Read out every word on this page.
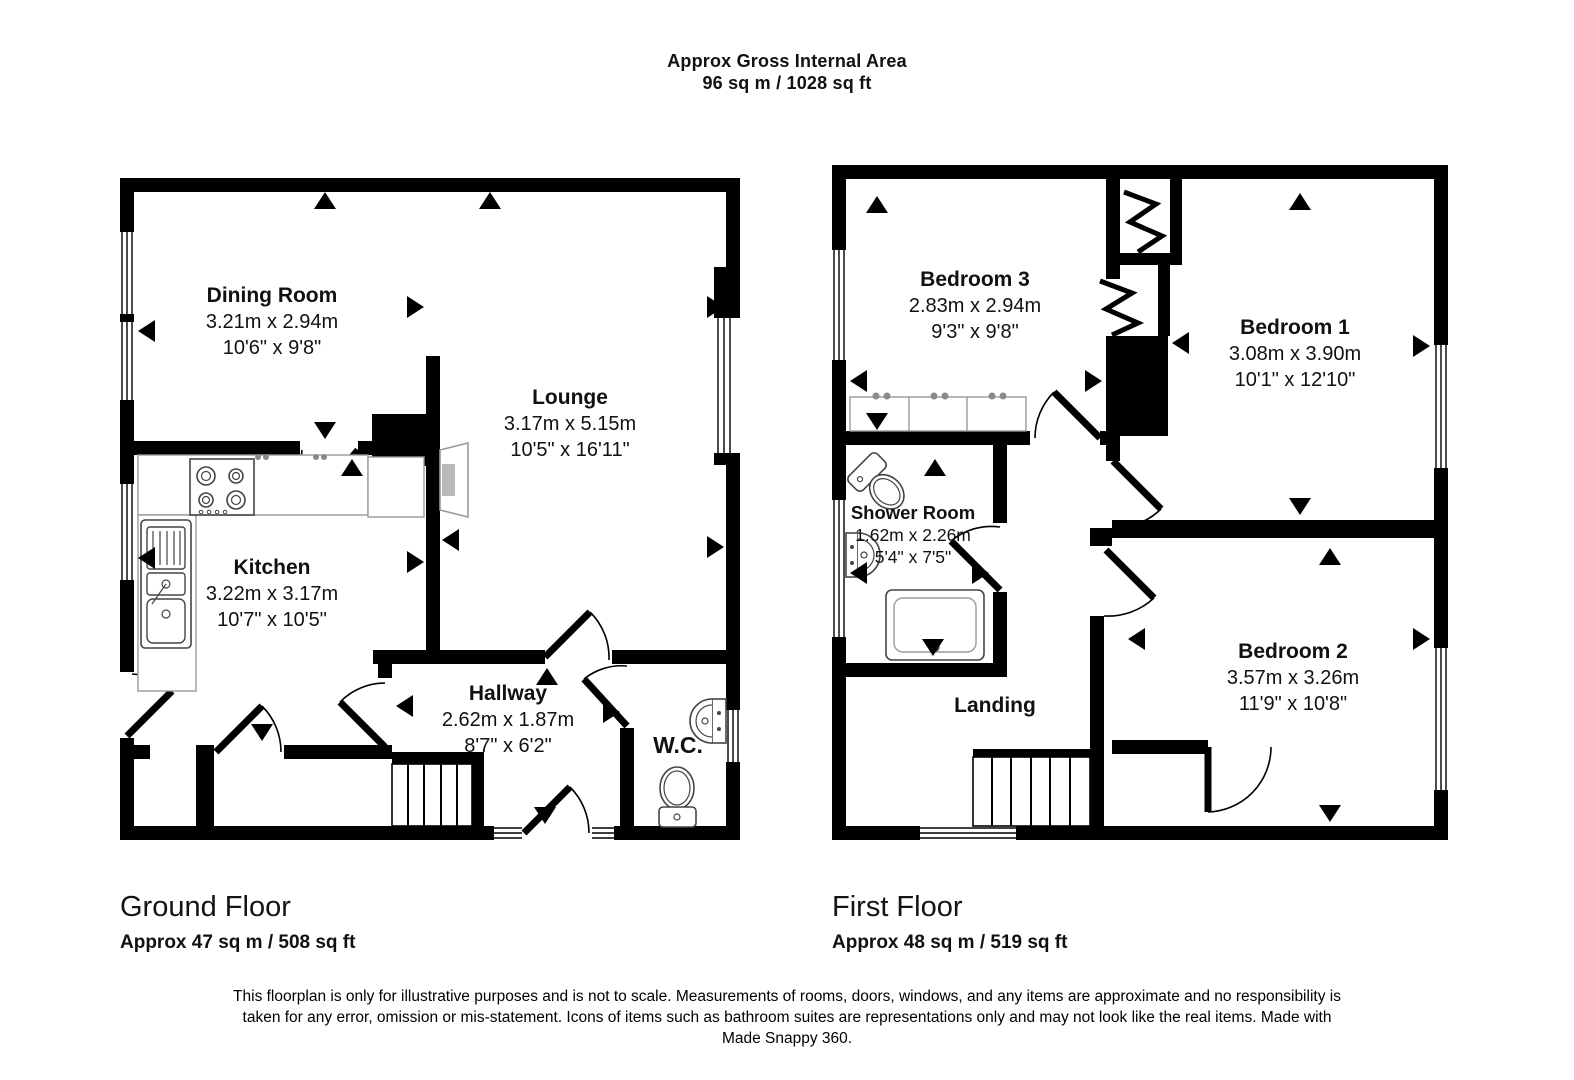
Approx Gross Internal Area
96 sq m / 1028 sq ft
Dining Room
3.21m x 2.94m
10'6" x 9'8"
Lounge
3.17m x 5.15m
10'5" x 16'11"
Kitchen
3.22m x 3.17m
10'7" x 10'5"
Hallway
2.62m x 1.87m
8'7" x 6'2"	W.C.
Bedroom 3
2.83m x 2.94m
9'3" x 9'8"	Bedroom 1
3.08m x 3.90m
10'1" x 12'10"
Shower Room
1.62m x 2.26m
5'4" x 7'5"
Bedroom 2
3.57m x 3.26m
11'9" x 10'8"
Landing
Ground Floor
Approx 47 sq m / 508 sq ft
First Floor
Approx 48 sq m / 519 sq ft
This floorplan is only for illustrative purposes and is not to scale. Measurements of rooms, doors, windows, and any items are approximate and no responsibility is taken for any error, omission or mis-statement. Icons of items such as bathroom suites are representations only and may not look like the real items. Made with Made Snappy 360.
